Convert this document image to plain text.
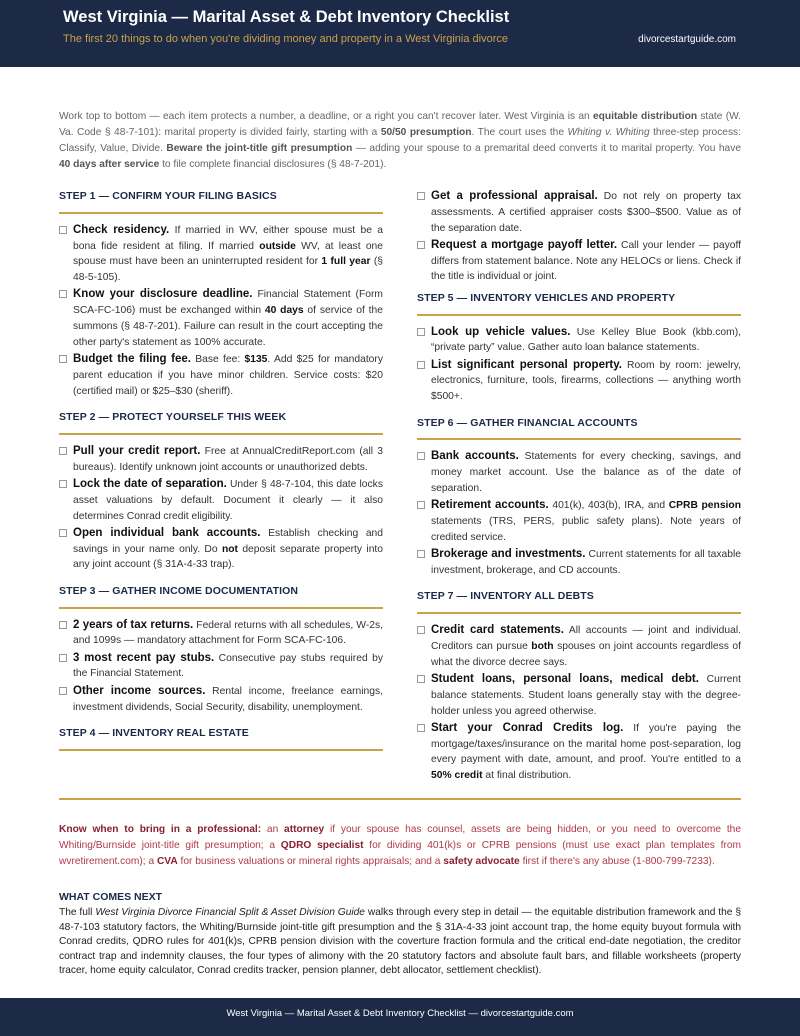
West Virginia — Marital Asset & Debt Inventory Checklist
The first 20 things to do when you're dividing money and property in a West Virginia divorce	divorcestartguide.com
Work top to bottom — each item protects a number, a deadline, or a right you can't recover later. West Virginia is an equitable distribution state (W. Va. Code § 48-7-101): marital property is divided fairly, starting with a 50/50 presumption. The court uses the Whiting v. Whiting three-step process: Classify, Value, Divide. Beware the joint-title gift presumption — adding your spouse to a premarital deed converts it to marital property. You have 40 days after service to file complete financial disclosures (§ 48-7-201).
STEP 1 — CONFIRM YOUR FILING BASICS
Check residency. If married in WV, either spouse must be a bona fide resident at filing. If married outside WV, at least one spouse must have been an uninterrupted resident for 1 full year (§ 48-5-105).
Know your disclosure deadline. Financial Statement (Form SCA-FC-106) must be exchanged within 40 days of service of the summons (§ 48-7-201). Failure can result in the court accepting the other party's statement as 100% accurate.
Budget the filing fee. Base fee: $135. Add $25 for mandatory parent education if you have minor children. Service costs: $20 (certified mail) or $25–$30 (sheriff).
STEP 2 — PROTECT YOURSELF THIS WEEK
Pull your credit report. Free at AnnualCreditReport.com (all 3 bureaus). Identify unknown joint accounts or unauthorized debts.
Lock the date of separation. Under § 48-7-104, this date locks asset valuations by default. Document it clearly — it also determines Conrad credit eligibility.
Open individual bank accounts. Establish checking and savings in your name only. Do not deposit separate property into any joint account (§ 31A-4-33 trap).
STEP 3 — GATHER INCOME DOCUMENTATION
2 years of tax returns. Federal returns with all schedules, W-2s, and 1099s — mandatory attachment for Form SCA-FC-106.
3 most recent pay stubs. Consecutive pay stubs required by the Financial Statement.
Other income sources. Rental income, freelance earnings, investment dividends, Social Security, disability, unemployment.
STEP 4 — INVENTORY REAL ESTATE
Get a professional appraisal. Do not rely on property tax assessments. A certified appraiser costs $300–$500. Value as of the separation date.
Request a mortgage payoff letter. Call your lender — payoff differs from statement balance. Note any HELOCs or liens. Check if the title is individual or joint.
STEP 5 — INVENTORY VEHICLES AND PROPERTY
Look up vehicle values. Use Kelley Blue Book (kbb.com), “private party” value. Gather auto loan balance statements.
List significant personal property. Room by room: jewelry, electronics, furniture, tools, firearms, collections — anything worth $500+.
STEP 6 — GATHER FINANCIAL ACCOUNTS
Bank accounts. Statements for every checking, savings, and money market account. Use the balance as of the date of separation.
Retirement accounts. 401(k), 403(b), IRA, and CPRB pension statements (TRS, PERS, public safety plans). Note years of credited service.
Brokerage and investments. Current statements for all taxable investment, brokerage, and CD accounts.
STEP 7 — INVENTORY ALL DEBTS
Credit card statements. All accounts — joint and individual. Creditors can pursue both spouses on joint accounts regardless of what the divorce decree says.
Student loans, personal loans, medical debt. Current balance statements. Student loans generally stay with the degree-holder unless you agreed otherwise.
Start your Conrad Credits log. If you're paying the mortgage/taxes/insurance on the marital home post-separation, log every payment with date, amount, and proof. You're entitled to a 50% credit at final distribution.
Know when to bring in a professional: an attorney if your spouse has counsel, assets are being hidden, or you need to overcome the Whiting/Burnside joint-title gift presumption; a QDRO specialist for dividing 401(k)s or CPRB pensions (must use exact plan templates from wvretirement.com); a CVA for business valuations or mineral rights appraisals; and a safety advocate first if there's any abuse (1-800-799-7233).
WHAT COMES NEXT
The full West Virginia Divorce Financial Split & Asset Division Guide walks through every step in detail — the equitable distribution framework and the § 48-7-103 statutory factors, the Whiting/Burnside joint-title gift presumption and the § 31A-4-33 joint account trap, the home equity buyout formula with Conrad credits, QDRO rules for 401(k)s, CPRB pension division with the coverture fraction formula and the critical end-date negotiation, the creditor contract trap and indemnity clauses, the four types of alimony with the 20 statutory factors and absolute fault bars, and fillable worksheets (property tracer, home equity calculator, Conrad credits tracker, pension planner, debt allocator, settlement checklist).
West Virginia — Marital Asset & Debt Inventory Checklist — divorcestartguide.com
